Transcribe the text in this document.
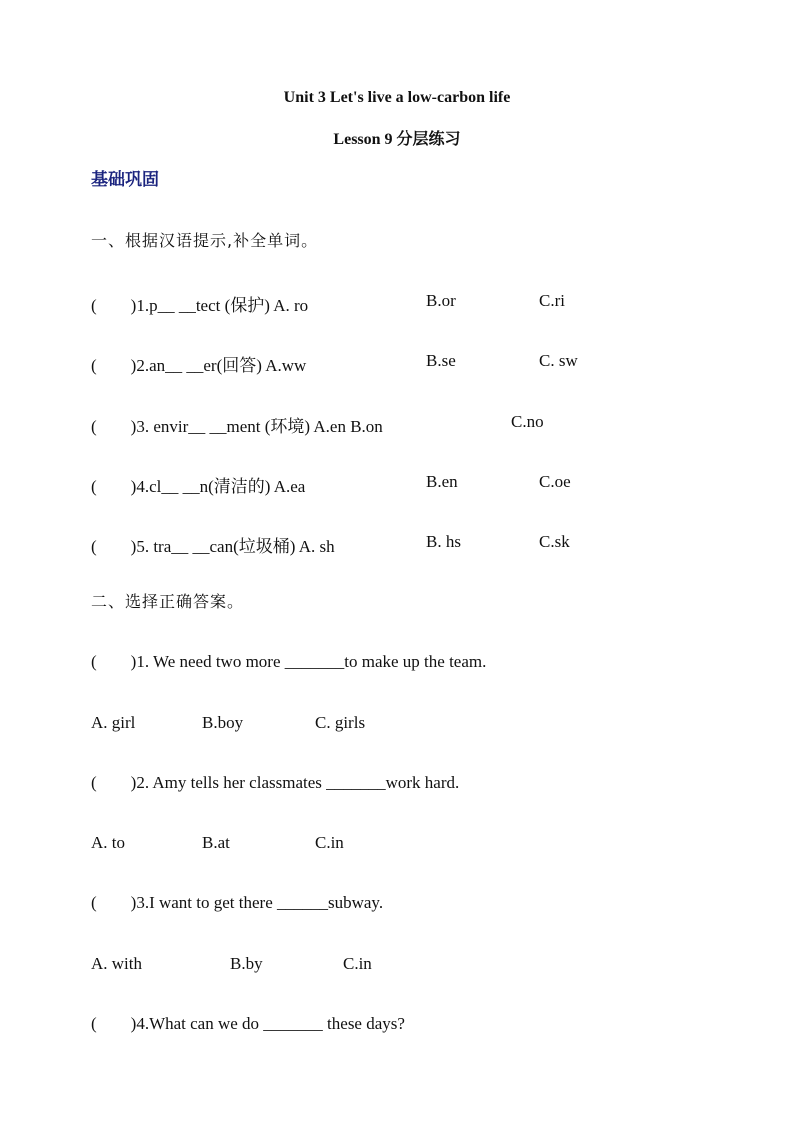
Unit 3 Let's live a low-carbon life
Lesson 9 分层练习
基础巩固
一、根据汉语提示,补全单词。
(        )1.p__ __tect (保护) A. ro	B.or	C.ri
(        )2.an__ __er(回答) A.ww	B.se	C. sw
(        )3. envir__ __ment (环境) A.en B.on	C.no
(        )4.cl__ __n(清洁的) A.ea	B.en	C.oe
(        )5. tra__ __can(垃圾桶) A. sh	B. hs	C.sk
二、选择正确答案。
(        )1. We need two more _______to make up the team.
A. girl	B.boy	C. girls
(        )2. Amy tells her classmates _______work hard.
A. to	B.at	C.in
(        )3.I want to get there ______subway.
A. with	B.by	C.in
(        )4.What can we do _______ these days?
